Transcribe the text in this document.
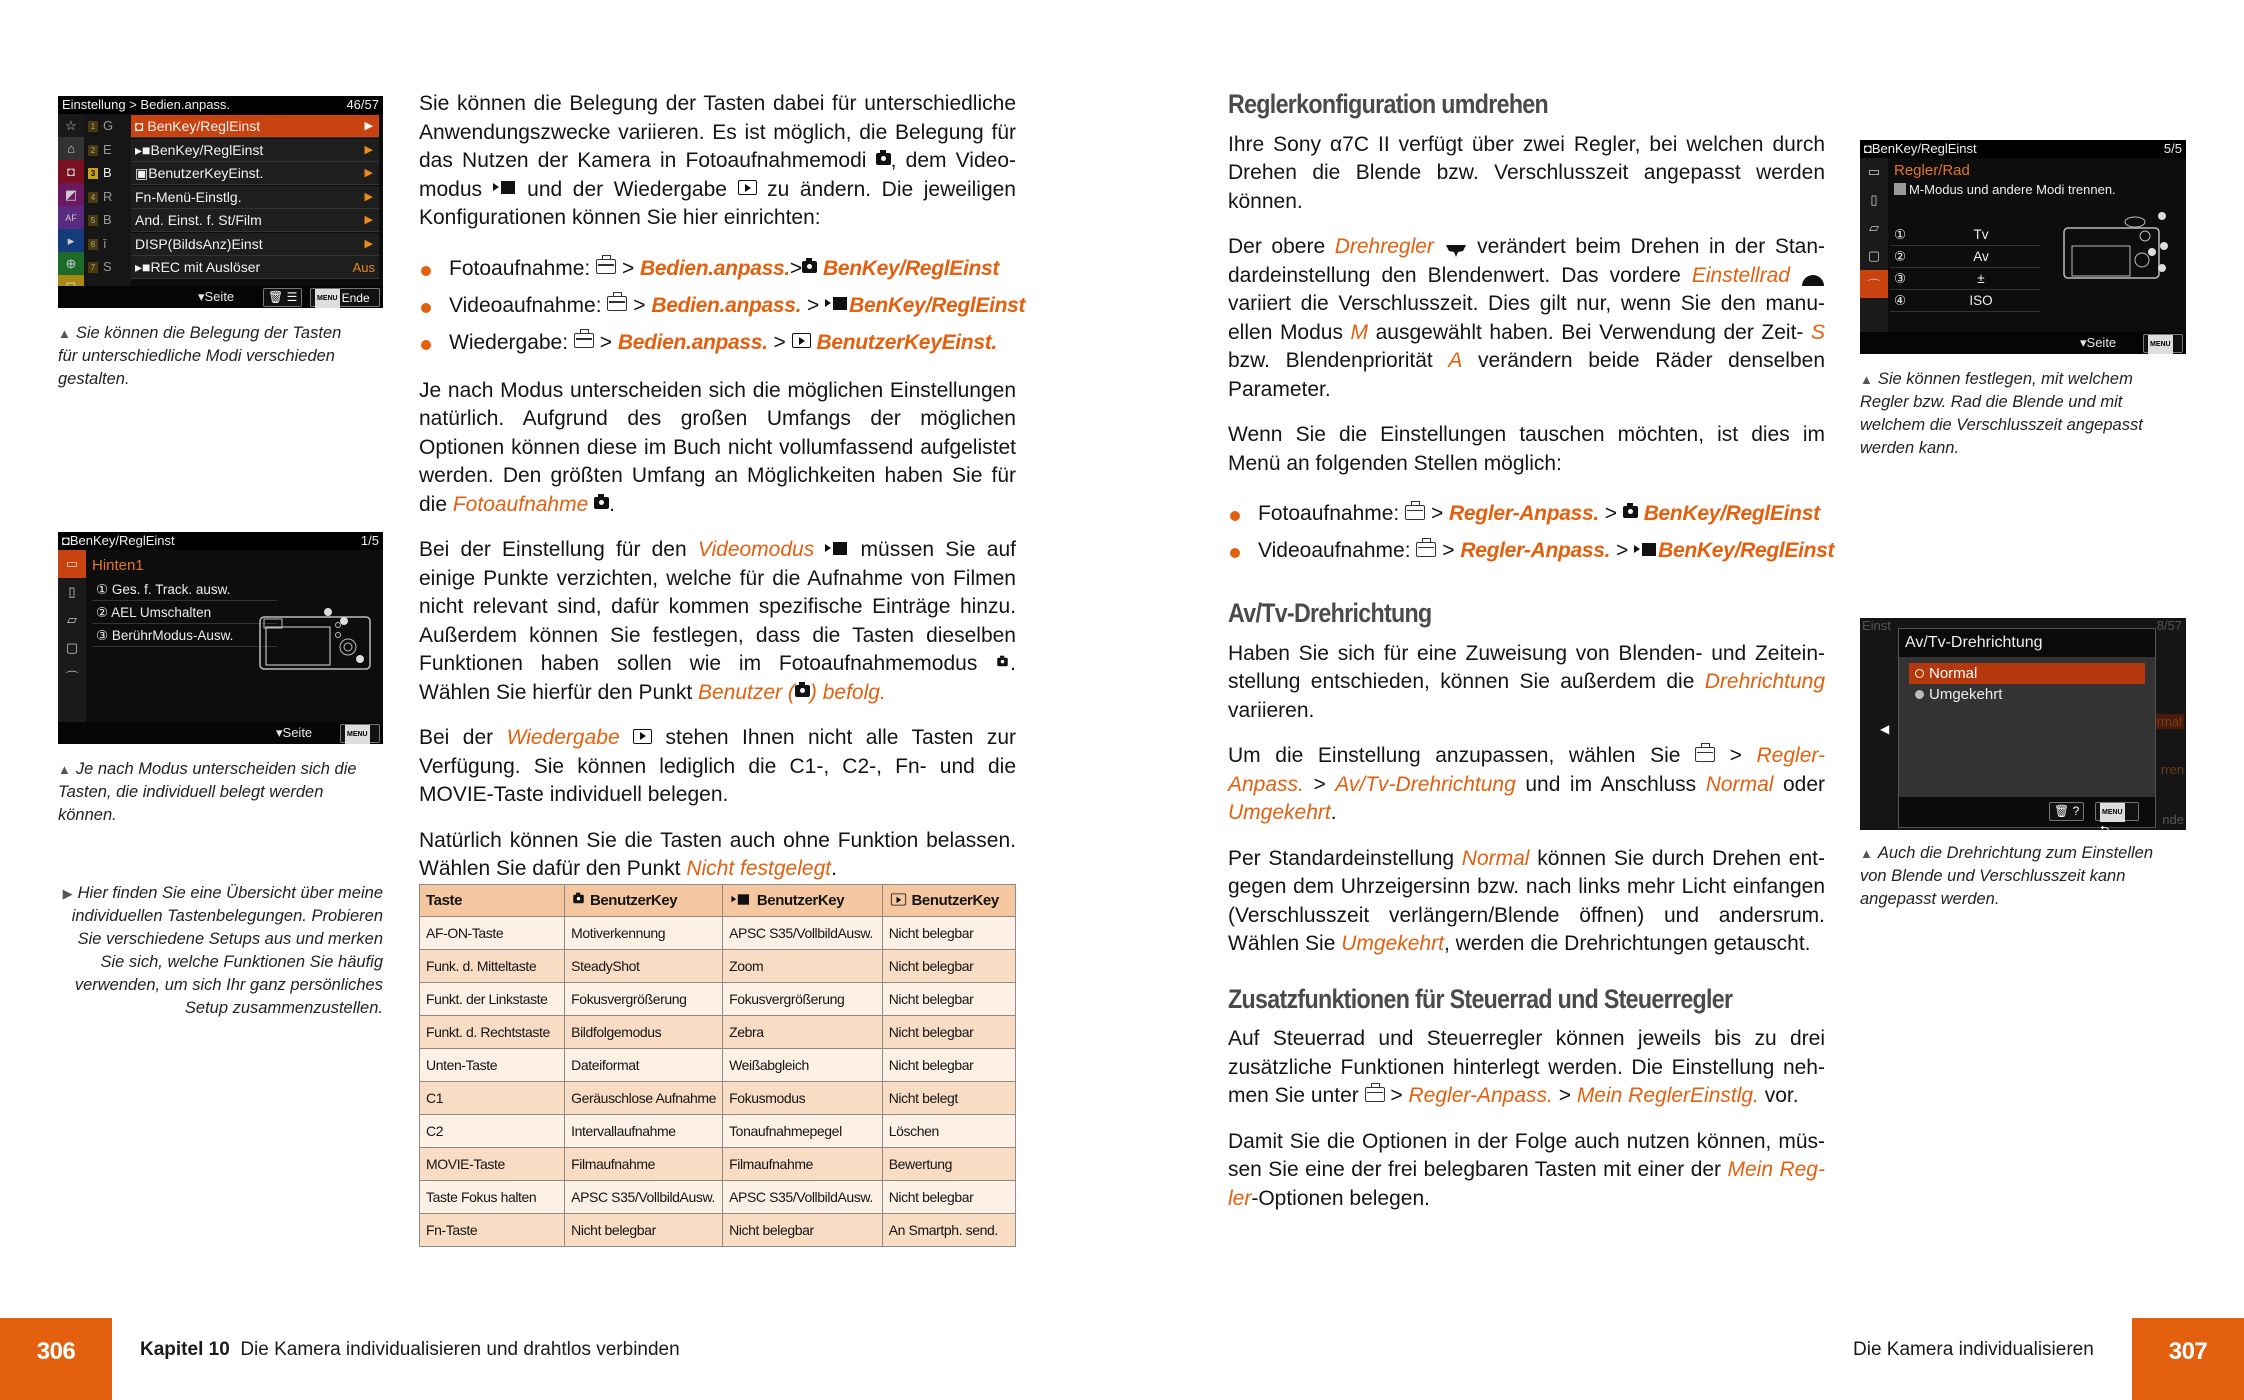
Einstellung > Bedien.anpass.	46/57
☆
⌂
◘
◩
AF
▸
⊕
1 G
2 E
3 B
4 R
5 B
6 ī
7 S
◘ BenKey/ReglEinst	▶
▸■BenKey/ReglEinst	▶
▣BenutzerKeyEinst.	▶
Fn-Menü-Einstlg.	▶
And. Einst. f. St/Film	▶
DISP(BildsAnz)Einst	▶
▸■REC mit Auslöser	Aus
▾Seite	🗑 ☰	MENU Ende
▲ Sie können die Belegung der Tasten für unterschiedliche Modi verschieden gestalten.
◘BenKey/ReglEinst	1/5
▭
▯
▱
▢
⌒
Hinten1
① Ges. f. Track. ausw.
② AEL Umschalten
③ BerührModus-Ausw.
▾Seite	MENU⮌
▲ Je nach Modus unterscheiden sich die Tasten, die individuell belegt werden können.
▶ Hier finden Sie eine Übersicht über meine individuellen Tastenbelegungen. Probieren Sie verschiedene Setups aus und merken Sie sich, welche Funktionen Sie häufig verwenden, um sich Ihr ganz persönliches Setup zusammenzustellen.

Sie können die Belegung der Tasten dabei für unterschiedliche Anwendungszwecke variieren. Es ist möglich, die Belegung für das Nutzen der Kamera in Fotoaufnahmemodi , dem Videomodus  und der Wiedergabe  zu ändern. Die jeweiligen Konfigurationen können Sie hier einrichten:

Fotoaufnahme:  > Bedien.anpass.> BenKey/ReglEinst
Videoaufnahme:  > Bedien.anpass. > BenKey/ReglEinst
Wiedergabe:  > Bedien.anpass. >  BenutzerKeyEinst.

Je nach Modus unterscheiden sich die möglichen Einstellungen natürlich. Aufgrund des großen Umfangs der möglichen Optionen können diese im Buch nicht vollumfassend aufgelistet werden. Den größten Umfang an Möglichkeiten haben Sie für die Fotoaufnahme .

Bei der Einstellung für den Videomodus  müssen Sie auf einige Punkte verzichten, welche für die Aufnahme von Filmen nicht relevant sind, dafür kommen spezifische Einträge hinzu. Außerdem können Sie festlegen, dass die Tasten dieselben Funktionen haben sollen wie im Fotoaufnahmemodus . Wählen Sie hierfür den Punkt Benutzer ( ) befolg.

Bei der Wiedergabe  stehen Ihnen nicht alle Tasten zur Verfügung. Sie können lediglich die C1-, C2-, Fn- und die MOVIE-Taste individuell belegen.

Natürlich können Sie die Tasten auch ohne Funktion belassen. Wählen Sie dafür den Punkt Nicht festgelegt.

Taste	BenutzerKey	BenutzerKey	BenutzerKey
AF-ON-Taste	Motiverkennung	APSC S35/VollbildAusw.	Nicht belegbar
Funk. d. Mitteltaste	SteadyShot	Zoom	Nicht belegbar
Funkt. der Linkstaste	Fokusvergrößerung	Fokusvergrößerung	Nicht belegbar
Funkt. d. Rechtstaste	Bildfolgemodus	Zebra	Nicht belegbar
Unten-Taste	Dateiformat	Weißabgleich	Nicht belegbar
C1	Geräuschlose Aufnahme	Fokusmodus	Nicht belegt
C2	Intervallaufnahme	Tonaufnahmepegel	Löschen
MOVIE-Taste	Filmaufnahme	Filmaufnahme	Bewertung
Taste Fokus halten	APSC S35/VollbildAusw.	APSC S35/VollbildAusw.	Nicht belegbar
Fn-Taste	Nicht belegbar	Nicht belegbar	An Smartph. send.
306	Kapitel 10 Die Kamera individualisieren und drahtlos verbinden
Reglerkonfiguration umdrehen

Ihre Sony α7C II verfügt über zwei Regler, bei welchen durch Drehen die Blende bzw. Verschlusszeit angepasst werden können.

Der obere Drehregler  verändert beim Drehen in der Standardeinstellung den Blendenwert. Das vordere Einstellrad  variiert die Verschlusszeit. Dies gilt nur, wenn Sie den manuellen Modus M ausgewählt haben. Bei Verwendung der Zeit- S bzw. Blendenpriorität A verändern beide Räder denselben Parameter.

Wenn Sie die Einstellungen tauschen möchten, ist dies im Menü an folgenden Stellen möglich:

Fotoaufnahme:  > Regler-Anpass. >  BenKey/ReglEinst
Videoaufnahme:  > Regler-Anpass. > BenKey/ReglEinst
Av/Tv-Drehrichtung

Haben Sie sich für eine Zuweisung von Blenden- und Zeiteinstellung entschieden, können Sie außerdem die Drehrichtung variieren.

Um die Einstellung anzupassen, wählen Sie  > Regler-Anpass. > Av/Tv-Drehrichtung und im Anschluss Normal oder Umgekehrt.

Per Standardeinstellung Normal können Sie durch Drehen entgegen dem Uhrzeigersinn bzw. nach links mehr Licht einfangen (Verschlusszeit verlängern/Blende öffnen) und andersrum. Wählen Sie Umgekehrt, werden die Drehrichtungen getauscht.

Zusatzfunktionen für Steuerrad und Steuerregler

Auf Steuerrad und Steuerregler können jeweils bis zu drei zusätzliche Funktionen hinterlegt werden. Die Einstellung nehmen Sie unter  > Regler-Anpass. > Mein ReglerEinstlg. vor.

Damit Sie die Optionen in der Folge auch nutzen können, müssen Sie eine der frei belegbaren Tasten mit einer der Mein Regler-Optionen belegen.

◘BenKey/ReglEinst	5/5
▭
▯
▱
▢
⌒
Regler/Rad
M-Modus und andere Modi trennen.
①	Tv
②	Av
③	±
④	ISO
▾Seite	MENU⮌
▲ Sie können festlegen, mit welchem Regler bzw. Rad die Blende und mit welchem die Verschlusszeit angepasst werden kann.
Einst	8/57
rmal
rren
nde
◀
Av/Tv-Drehrichtung
Normal
Umgekehrt
🗑 ?	MENU⮌
▲ Auch die Drehrichtung zum Einstellen von Blende und Verschlusszeit kann angepasst werden.
Die Kamera individualisieren	307
